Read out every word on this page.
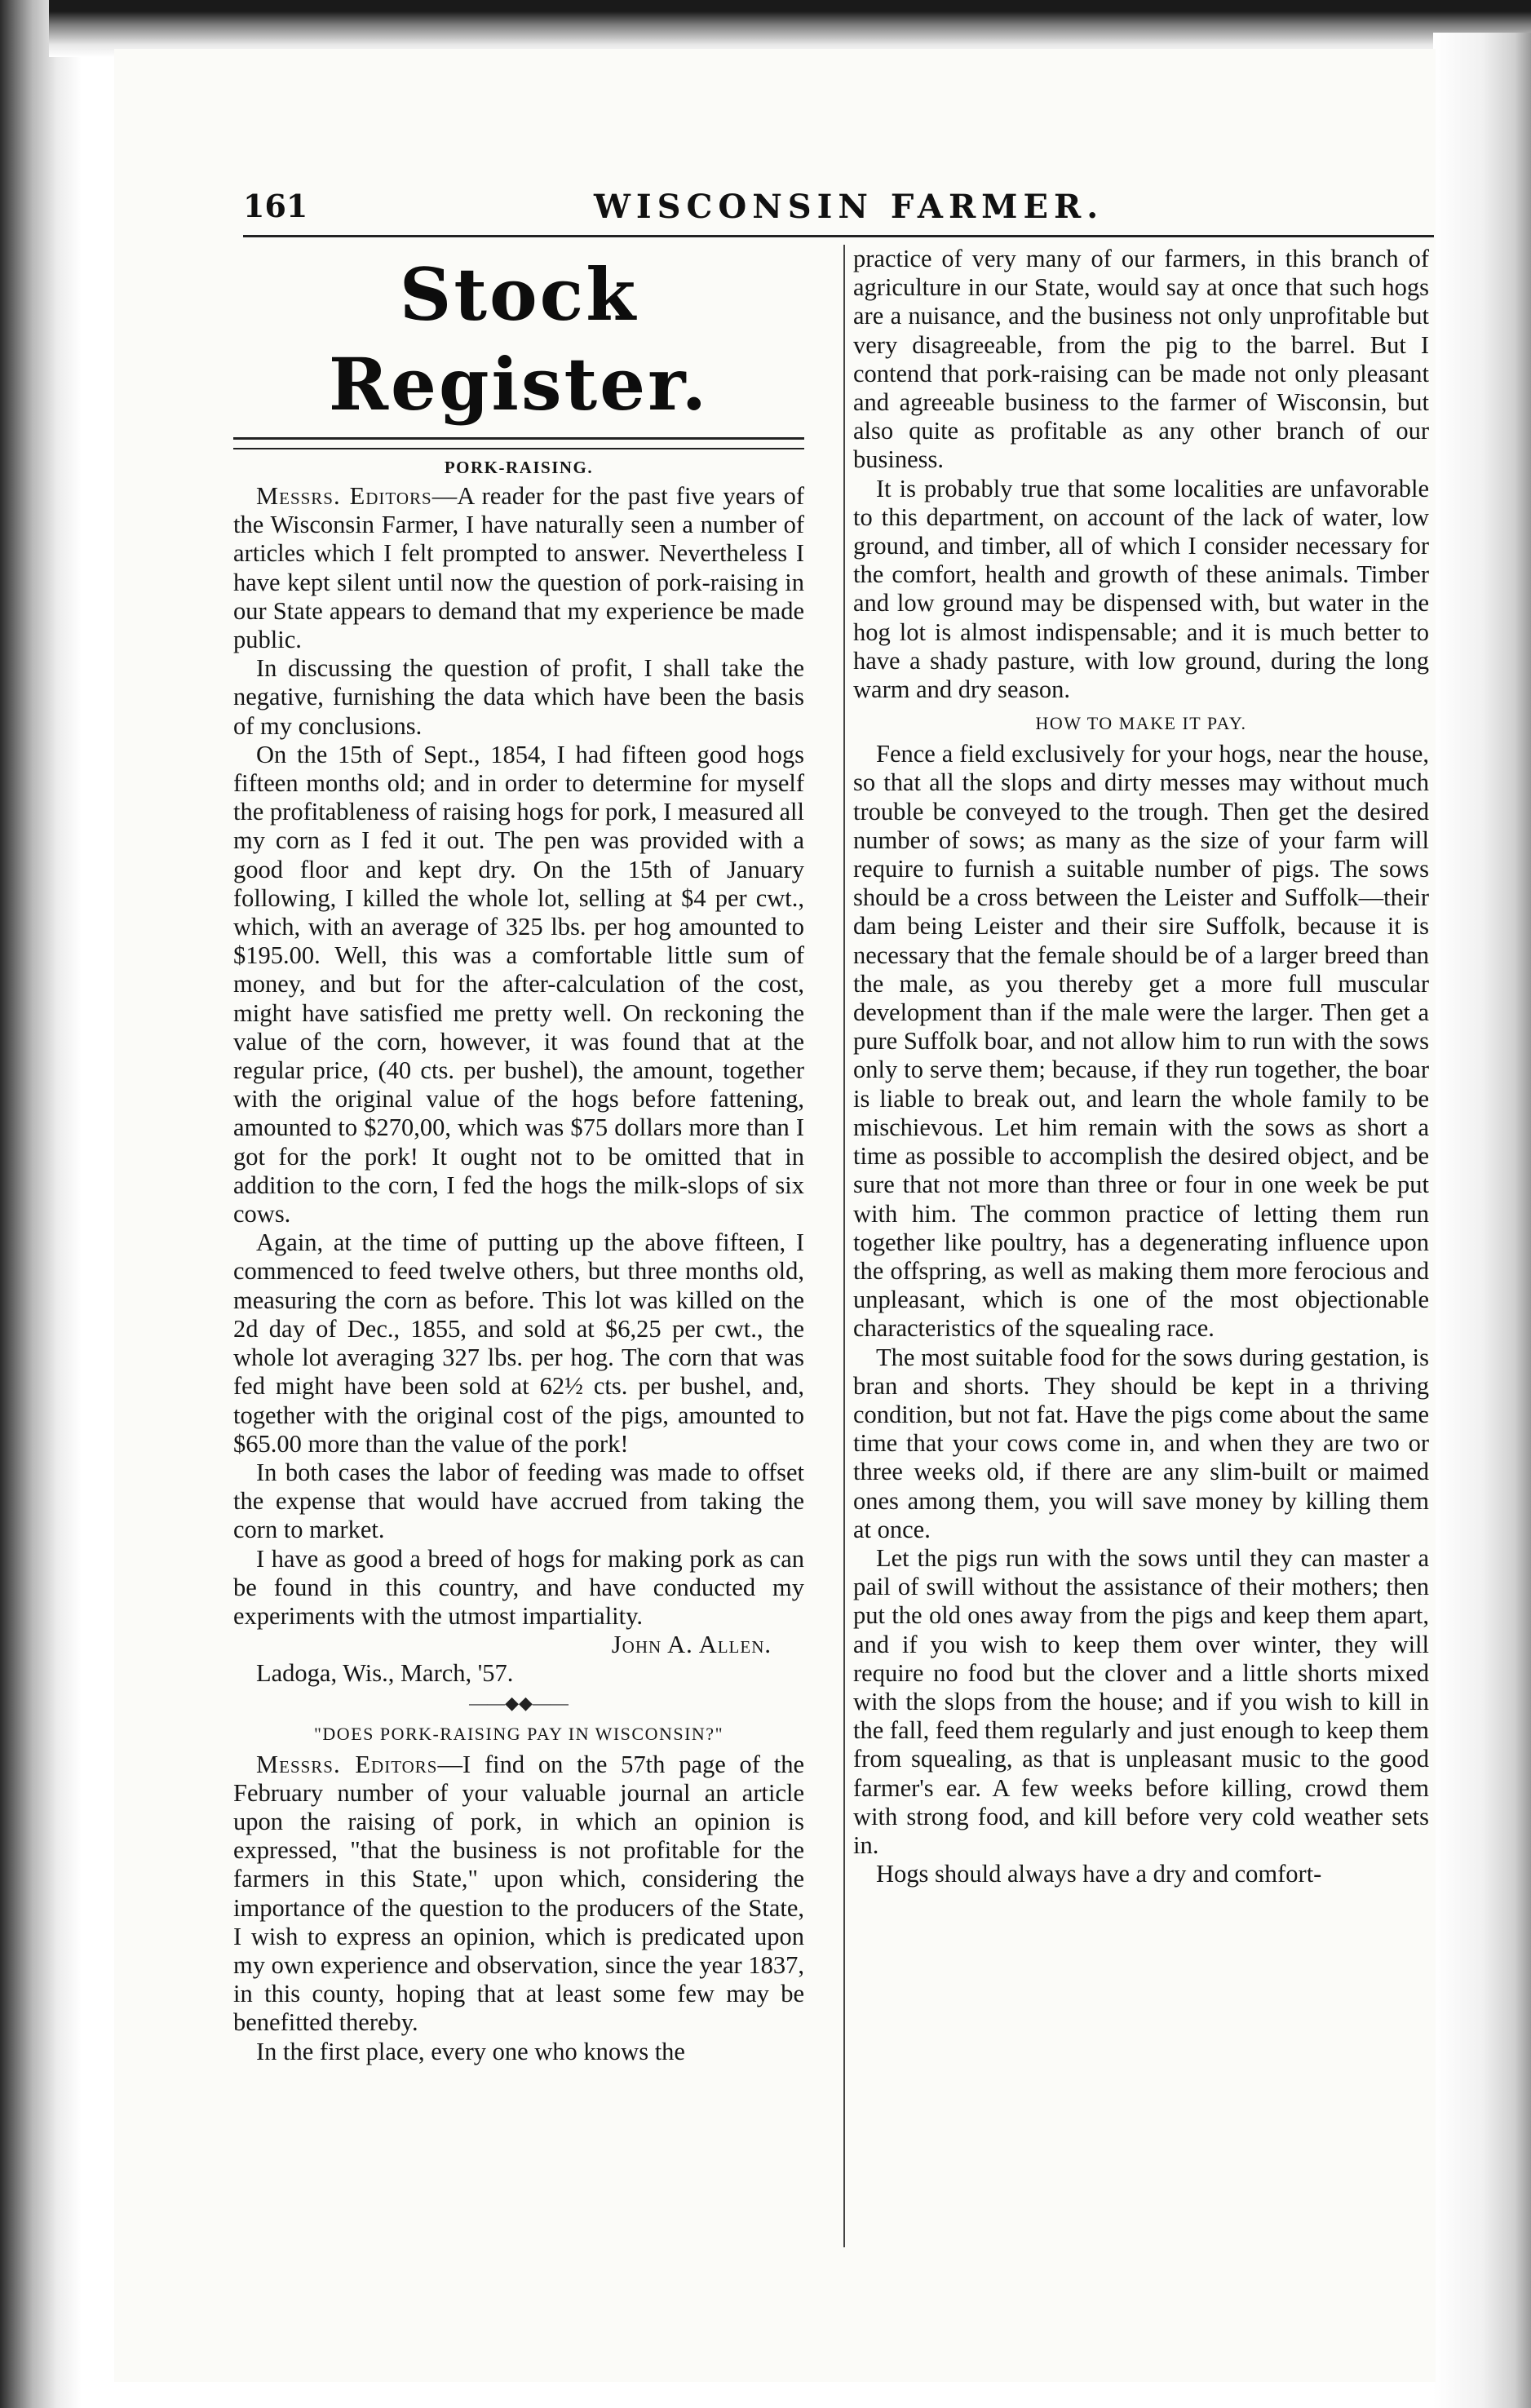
161	WISCONSIN FARMER.
Stock Register.
PORK-RAISING.

Messrs. Editors—A reader for the past five years of the Wisconsin Farmer, I have naturally seen a number of articles which I felt prompted to answer. Nevertheless I have kept silent until now the question of pork-raising in our State appears to demand that my experience be made public.

In discussing the question of profit, I shall take the negative, furnishing the data which have been the basis of my conclusions.

On the 15th of Sept., 1854, I had fifteen good hogs fifteen months old; and in order to determine for myself the profitableness of raising hogs for pork, I measured all my corn as I fed it out. The pen was provided with a good floor and kept dry. On the 15th of January following, I killed the whole lot, selling at $4 per cwt., which, with an average of 325 lbs. per hog amounted to $195.00. Well, this was a comfortable little sum of money, and but for the after-calculation of the cost, might have satisfied me pretty well. On reckoning the value of the corn, however, it was found that at the regular price, (40 cts. per bushel), the amount, together with the original value of the hogs before fattening, amounted to $270,00, which was $75 dollars more than I got for the pork! It ought not to be omitted that in addition to the corn, I fed the hogs the milk-slops of six cows.

Again, at the time of putting up the above fifteen, I commenced to feed twelve others, but three months old, measuring the corn as before. This lot was killed on the 2d day of Dec., 1855, and sold at $6,25 per cwt., the whole lot averaging 327 lbs. per hog. The corn that was fed might have been sold at 62½ cts. per bushel, and, together with the original cost of the pigs, amounted to $65.00 more than the value of the pork!

In both cases the labor of feeding was made to offset the expense that would have accrued from taking the corn to market.

I have as good a breed of hogs for making pork as can be found in this country, and have conducted my experiments with the utmost impartiality.

John A. Allen.
Ladoga, Wis., March, '57.
——◆◆——
"DOES PORK-RAISING PAY IN WISCONSIN?"

Messrs. Editors—I find on the 57th page of the February number of your valuable journal an article upon the raising of pork, in which an opinion is expressed, "that the business is not profitable for the farmers in this State," upon which, considering the importance of the question to the producers of the State, I wish to express an opinion, which is predicated upon my own experience and observation, since the year 1837, in this county, hoping that at least some few may be benefitted thereby.

In the first place, every one who knows the

practice of very many of our farmers, in this branch of agriculture in our State, would say at once that such hogs are a nuisance, and the business not only unprofitable but very disagreeable, from the pig to the barrel. But I contend that pork-raising can be made not only pleasant and agreeable business to the farmer of Wisconsin, but also quite as profitable as any other branch of our business.

It is probably true that some localities are unfavorable to this department, on account of the lack of water, low ground, and timber, all of which I consider necessary for the comfort, health and growth of these animals. Timber and low ground may be dispensed with, but water in the hog lot is almost indispensable; and it is much better to have a shady pasture, with low ground, during the long warm and dry season.

HOW TO MAKE IT PAY.

Fence a field exclusively for your hogs, near the house, so that all the slops and dirty messes may without much trouble be conveyed to the trough. Then get the desired number of sows; as many as the size of your farm will require to furnish a suitable number of pigs. The sows should be a cross between the Leister and Suffolk—their dam being Leister and their sire Suffolk, because it is necessary that the female should be of a larger breed than the male, as you thereby get a more full muscular development than if the male were the larger. Then get a pure Suffolk boar, and not allow him to run with the sows only to serve them; because, if they run together, the boar is liable to break out, and learn the whole family to be mischievous. Let him remain with the sows as short a time as possible to accomplish the desired object, and be sure that not more than three or four in one week be put with him. The common practice of letting them run together like poultry, has a degenerating influence upon the offspring, as well as making them more ferocious and unpleasant, which is one of the most objectionable characteristics of the squealing race.

The most suitable food for the sows during gestation, is bran and shorts. They should be kept in a thriving condition, but not fat. Have the pigs come about the same time that your cows come in, and when they are two or three weeks old, if there are any slim-built or maimed ones among them, you will save money by killing them at once.

Let the pigs run with the sows until they can master a pail of swill without the assistance of their mothers; then put the old ones away from the pigs and keep them apart, and if you wish to keep them over winter, they will require no food but the clover and a little shorts mixed with the slops from the house; and if you wish to kill in the fall, feed them regularly and just enough to keep them from squealing, as that is unpleasant music to the good farmer's ear. A few weeks before killing, crowd them with strong food, and kill before very cold weather sets in.

Hogs should always have a dry and comfort-
